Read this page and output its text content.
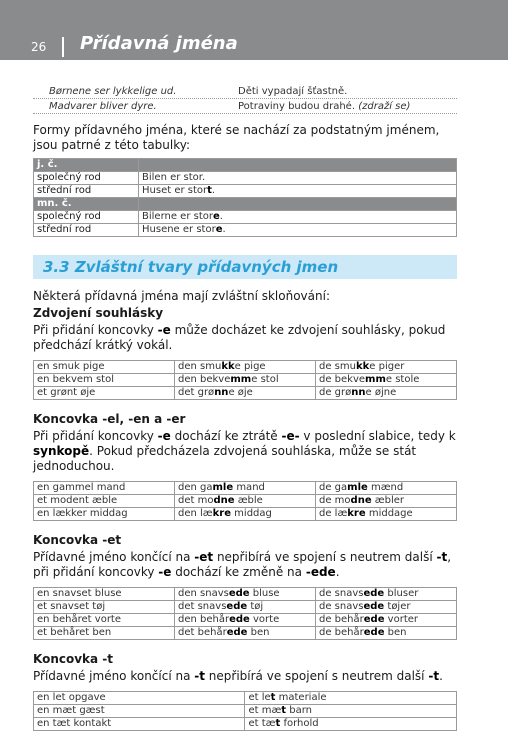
26 Přídavná jména
Børnene ser lykkelige ud.	Děti vypadají šťastně.
Madvarer bliver dyre.	Potraviny budou drahé. (zdraží se)

Formy přídavného jména, které se nachází za podstatným jménem, jsou patrné z této tabulky:

j. č.	
společný rod	Bilen er stor.
střední rod	Huset er stort.
mn. č.	
společný rod	Bilerne er store.
střední rod	Husene er store.
3.3 Zvláštní tvary přídavných jmen

Některá přídavná jména mají zvláštní skloňování:

Zdvojení souhlásky

Při přidání koncovky -e může docházet ke zdvojení souhlásky, pokud předchází krátký vokál.

en smuk pige	den smukke pige	de smukke piger
en bekvem stol	den bekvemme stol	de bekvemme stole
et grønt øje	det grønne øje	de grønne øjne
Koncovka -el, -en a -er

Při přidání koncovky -e dochází ke ztrátě -e- v poslední slabice, tedy k synkopě. Pokud předcházela zdvojená souhláska, může se stát jednoduchou.

en gammel mand	den gamle mand	de gamle mænd
et modent æble	det modne æble	de modne æbler
en lækker middag	den lækre middag	de lækre middage
Koncovka -et

Přídavné jméno končící na -et nepřibírá ve spojení s neutrem další -t, při přidání koncovky -e dochází ke změně na -ede.

en snavset bluse	den snavsede bluse	de snavsede bluser
et snavset tøj	det snavsede tøj	de snavsede tøjer
en behåret vorte	den behårede vorte	de behårede vorter
et behåret ben	det behårede ben	de behårede ben
Koncovka -t

Přídavné jméno končící na -t nepřibírá ve spojení s neutrem další -t.

en let opgave	et let materiale
en mæt gæst	et mæt barn
en tæt kontakt	et tæt forhold
